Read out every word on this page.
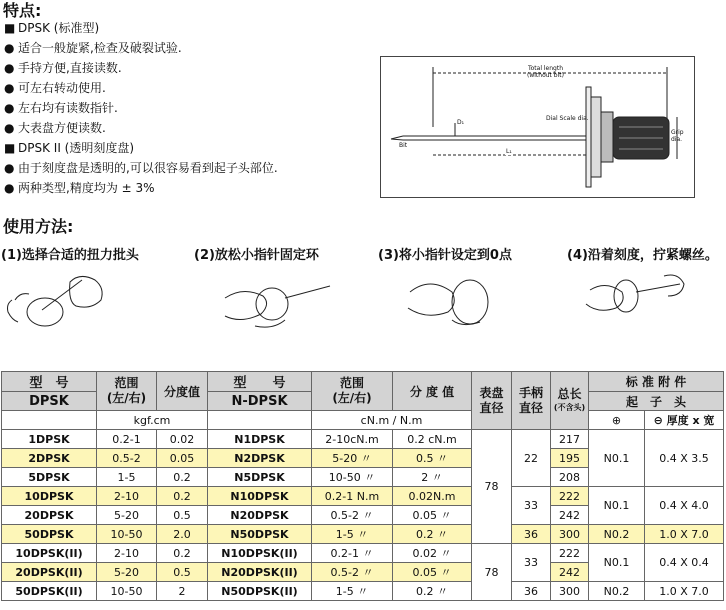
特点:
■ DPSK (标准型)
● 适合一般旋紧,检查及破裂试验.
● 手持方便,直接读数.
● 可左右转动使用.
● 左右均有读数指针.
● 大表盘方便读数.
■ DPSK II (透明刻度盘)
● 由于刻度盘是透明的,可以很容易看到起子头部位.
● 两种类型,精度均为 ± 3%
Total length
(without bit)
D₁
Dial Scale dia.
Grip dia.
Bit
L₁
使用方法:
(1)选择合适的扭力批头	(2)放松小指针固定环	(3)将小指针设定到0点	(4)沿着刻度，拧紧螺丝。
型　号	范围
(左/右)	分度值	型　　号	范围
(左/右)	分 度 值	表盘
直径	手柄
直径	总长
(不含头)	标 准 附 件	
DPSK			N-DPSK						起　子　头	
	kgf.cm			cN.m / N.m					⊕	⊖ 厚度 x 宽
1DPSK	0.2-1	0.02	N1DPSK	2-10cN.m	0.2 cN.m	78	22	217	N0.1	0.4 X 3.5
2DPSK	0.5-2	0.05	N2DPSK	5-20 〃	0.5 〃			195		
5DPSK	1-5	0.2	N5DPSK	10-50 〃	2 〃			208		
10DPSK	2-10	0.2	N10DPSK	0.2-1 N.m	0.02N.m		33	222	N0.1	0.4 X 4.0
20DPSK	5-20	0.5	N20DPSK	0.5-2 〃	0.05 〃			242		
50DPSK	10-50	2.0	N50DPSK	1-5 〃	0.2 〃		36	300	N0.2	1.0 X 7.0
10DPSK(II)	2-10	0.2	N10DPSK(II)	0.2-1 〃	0.02 〃	78	33	222	N0.1	0.4 X 0.4
20DPSK(II)	5-20	0.5	N20DPSK(II)	0.5-2 〃	0.05 〃			242		
50DPSK(II)	10-50	2	N50DPSK(II)	1-5 〃	0.2 〃		36	300	N0.2	1.0 X 7.0
